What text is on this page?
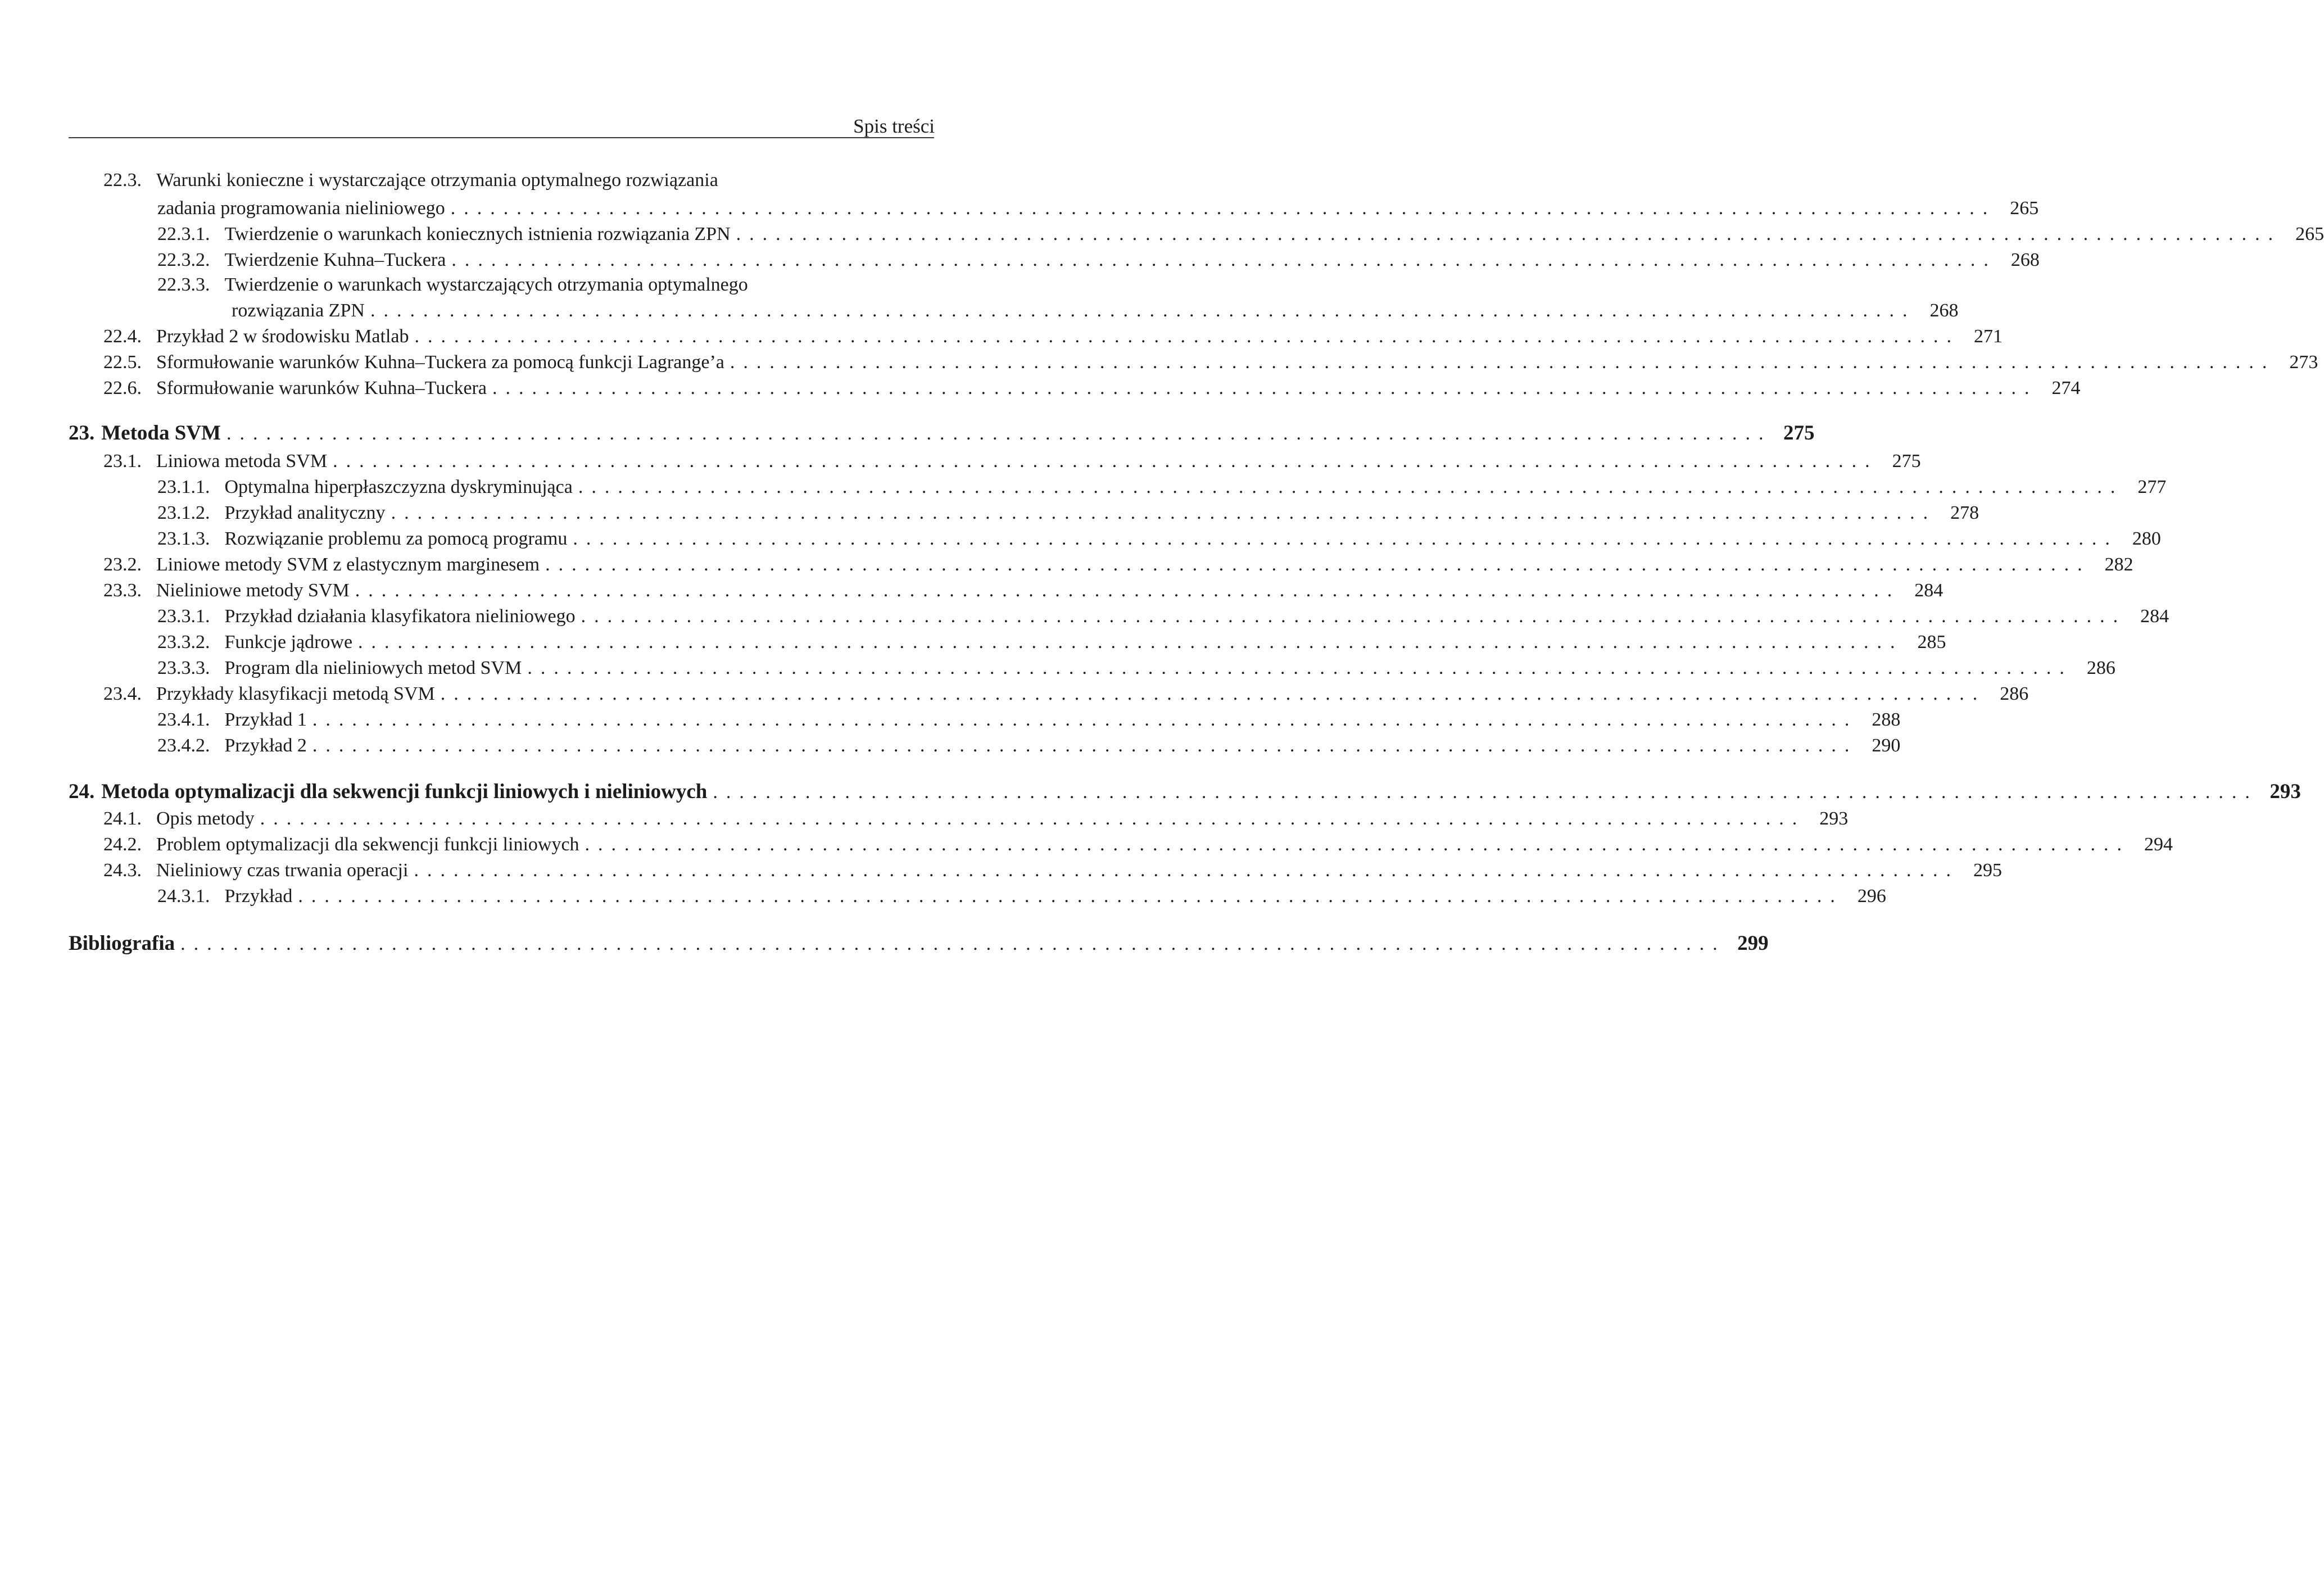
Spis treści
22.3. Warunki konieczne i wystarczające otrzymania optymalnego rozwiązania
zadania programowania nieliniowego ..................................................................................................................... 265
22.3.1. Twierdzenie o warunkach koniecznych istnienia rozwiązania ZPN ..................................................................................................................... 265
22.3.2. Twierdzenie Kuhna–Tuckera ..................................................................................................................... 268
22.3.3. Twierdzenie o warunkach wystarczających otrzymania optymalnego
rozwiązania ZPN ..................................................................................................................... 268
22.4. Przykład 2 w środowisku Matlab ..................................................................................................................... 271
22.5. Sformułowanie warunków Kuhna–Tuckera za pomocą funkcji Lagrange’a ..................................................................................................................... 273
22.6. Sformułowanie warunków Kuhna–Tuckera ..................................................................................................................... 274
23. Metoda SVM ..................................................................................................................... 275
23.1. Liniowa metoda SVM ..................................................................................................................... 275
23.1.1. Optymalna hiperpłaszczyzna dyskryminująca ..................................................................................................................... 277
23.1.2. Przykład analityczny ..................................................................................................................... 278
23.1.3. Rozwiązanie problemu za pomocą programu ..................................................................................................................... 280
23.2. Liniowe metody SVM z elastycznym marginesem ..................................................................................................................... 282
23.3. Nieliniowe metody SVM ..................................................................................................................... 284
23.3.1. Przykład działania klasyfikatora nieliniowego ..................................................................................................................... 284
23.3.2. Funkcje jądrowe ..................................................................................................................... 285
23.3.3. Program dla nieliniowych metod SVM ..................................................................................................................... 286
23.4. Przykłady klasyfikacji metodą SVM ..................................................................................................................... 286
23.4.1. Przykład 1 ..................................................................................................................... 288
23.4.2. Przykład 2 ..................................................................................................................... 290
24. Metoda optymalizacji dla sekwencji funkcji liniowych i nieliniowych ..................................................................................................................... 293
24.1. Opis metody ..................................................................................................................... 293
24.2. Problem optymalizacji dla sekwencji funkcji liniowych ..................................................................................................................... 294
24.3. Nieliniowy czas trwania operacji ..................................................................................................................... 295
24.3.1. Przykład ..................................................................................................................... 296
Bibliografia ..................................................................................................................... 299
